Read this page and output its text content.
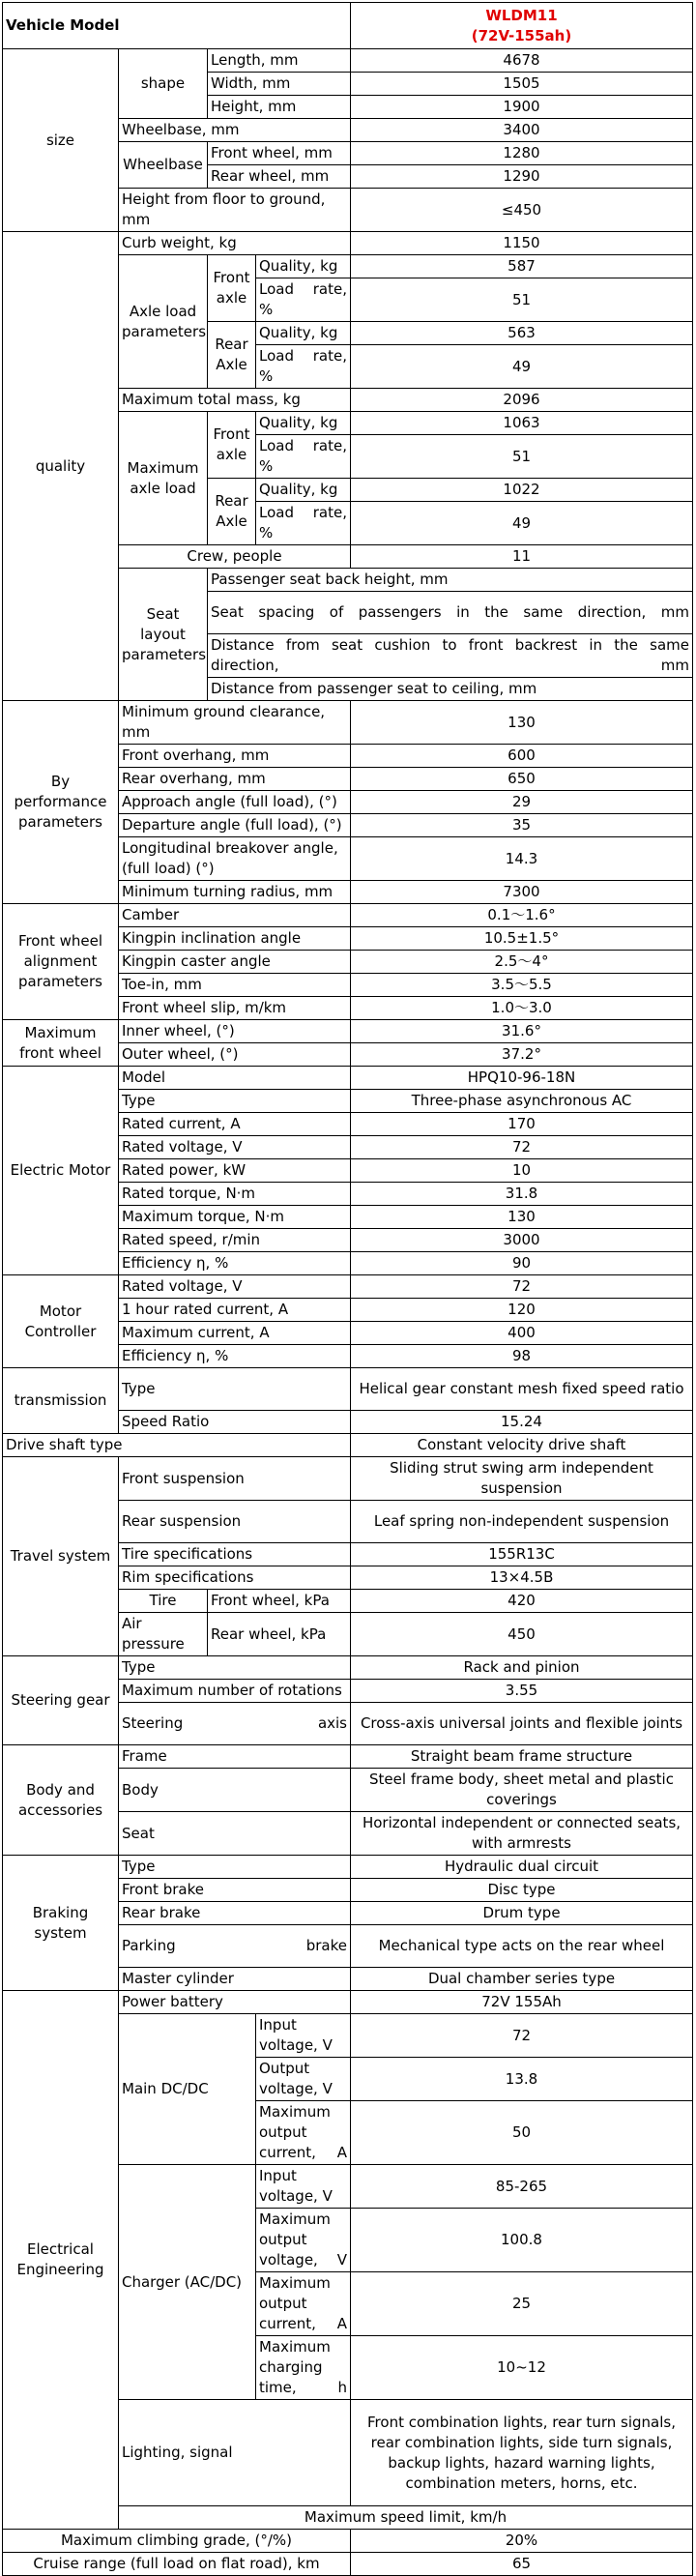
Vehicle Model				WLDM11
(72V-155ah)	
size	shape	Length, mm		4678	
		Width, mm		1505	
		Height, mm		1900	
	Wheelbase, mm			3400	
	Wheelbase	Front wheel, mm		1280	
		Rear wheel, mm		1290	
	Height from floor to ground, mm			≤450	
quality	Curb weight, kg			1150	
	Axle load parameters	Front axle	Quality, kg	587	
			Load rate, %	51	
		Rear Axle	Quality, kg	563	
			Load rate, %	49	
	Maximum total mass, kg			2096	
	Maximum axle load	Front axle	Quality, kg	1063	
			Load rate, %	51	
		Rear Axle	Quality, kg	1022	
			Load rate, %	49	
	Crew, people			11	
	Seat layout parameters	Passenger seat back height, mm	
		Seat spacing of passengers in the same direction, mm	
		Distance from seat cushion to front backrest in the same direction, mm	
		Distance from passenger seat to ceiling, mm	
By performance parameters	Minimum ground clearance, mm			130	
	Front overhang, mm			600	
	Rear overhang, mm			650	
	Approach angle (full load), (°)			29	
	Departure angle (full load), (°)			35	
	Longitudinal breakover angle, (full load) (°)			14.3	
	Minimum turning radius, mm			7300	
Front wheel alignment parameters	Camber			0.1～1.6°	
	Kingpin inclination angle			10.5±1.5°	
	Kingpin caster angle			2.5～4°	
	Toe-in, mm			3.5～5.5	
	Front wheel slip, m/km			1.0～3.0	
Maximum front wheel	Inner wheel, (°)			31.6°	
	Outer wheel, (°)			37.2°	
Electric Motor	Model			HPQ10-96-18N	
	Type			Three-phase asynchronous AC	
	Rated current, A			170	
	Rated voltage, V			72	
	Rated power, kW			10	
	Rated torque, N·m			31.8	
	Maximum torque, N·m			130	
	Rated speed, r/min			3000	
	Efficiency η, %			90	
Motor Controller	Rated voltage, V			72	
	1 hour rated current, A			120	
	Maximum current, A			400	
	Efficiency η, %			98	
transmission	Type			Helical gear constant mesh fixed speed ratio	
	Speed Ratio			15.24	
Drive shaft type				Constant velocity drive shaft	
Travel system	Front suspension			Sliding strut swing arm independent suspension	
	Rear suspension			Leaf spring non-independent suspension	
	Tire specifications			155R13C	
	Rim specifications			13×4.5B	
	Tire	Front wheel, kPa		420	
	Air pressure	Rear wheel, kPa		450	
Steering gear	Type			Rack and pinion	
	Maximum number of rotations			3.55	
	Steering axis			Cross-axis universal joints and flexible joints	
Body and accessories	Frame			Straight beam frame structure	
	Body			Steel frame body, sheet metal and plastic coverings	
	Seat			Horizontal independent or connected seats, with armrests	
Braking system	Type			Hydraulic dual circuit	
	Front brake			Disc type	
	Rear brake			Drum type	
	Parking brake			Mechanical type acts on the rear wheel	
	Master cylinder			Dual chamber series type	
Electrical Engineering	Power battery			72V 155Ah	
	Main DC/DC		Input voltage, V	72	
			Output voltage, V	13.8	
			Maximum output current, A	50	
	Charger (AC/DC)		Input voltage, V	85-265	
			Maximum output voltage, V	100.8	
			Maximum output current, A	25	
			Maximum charging time, h	10~12	
	Lighting, signal			Front combination lights, rear turn signals, rear combination lights, side turn signals, backup lights, hazard warning lights, combination meters, horns, etc.	
	Maximum speed limit, km/h	
Maximum climbing grade, (°/%)				20%	
Cruise range (full load on flat road), km				65	
